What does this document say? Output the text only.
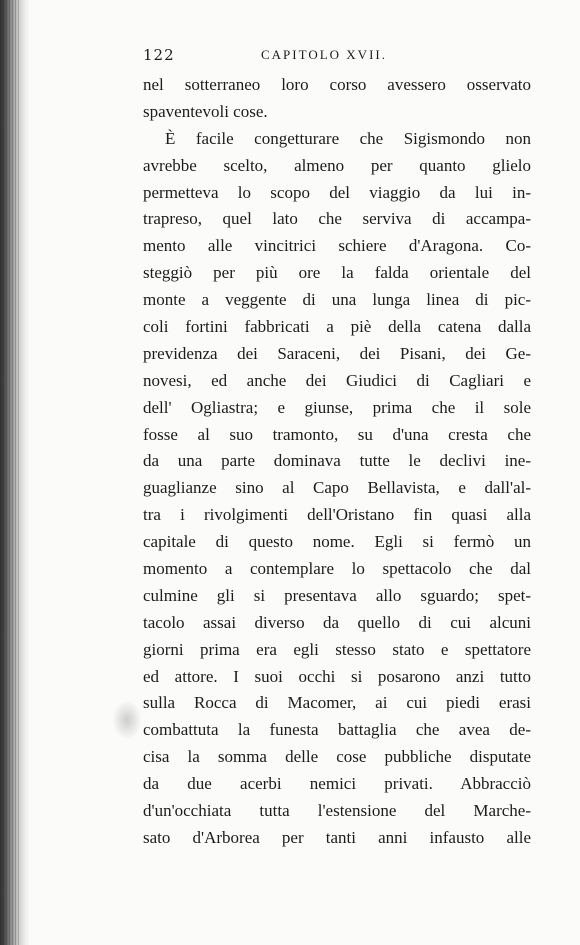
122	CAPITOLO XVII.
nel sotterraneo loro corso avessero osservato
spaventevoli cose.
È facile congetturare che Sigismondo non
avrebbe scelto, almeno per quanto glielo
permetteva lo scopo del viaggio da lui in-
trapreso, quel lato che serviva di accampa-
mento alle vincitrici schiere d'Aragona. Co-
steggiò per più ore la falda orientale del
monte a veggente di una lunga linea di pic-
coli fortini fabbricati a piè della catena dalla
previdenza dei Saraceni, dei Pisani, dei Ge-
novesi, ed anche dei Giudici di Cagliari e
dell' Ogliastra; e giunse, prima che il sole
fosse al suo tramonto, su d'una cresta che
da una parte dominava tutte le declivi ine-
guaglianze sino al Capo Bellavista, e dall'al-
tra i rivolgimenti dell'Oristano fin quasi alla
capitale di questo nome. Egli si fermò un
momento a contemplare lo spettacolo che dal
culmine gli si presentava allo sguardo; spet-
tacolo assai diverso da quello di cui alcuni
giorni prima era egli stesso stato e spettatore
ed attore. I suoi occhi si posarono anzi tutto
sulla Rocca di Macomer, ai cui piedi erasi
combattuta la funesta battaglia che avea de-
cisa la somma delle cose pubbliche disputate
da due acerbi nemici privati. Abbracciò
d'un'occhiata tutta l'estensione del Marche-
sato d'Arborea per tanti anni infausto alle
